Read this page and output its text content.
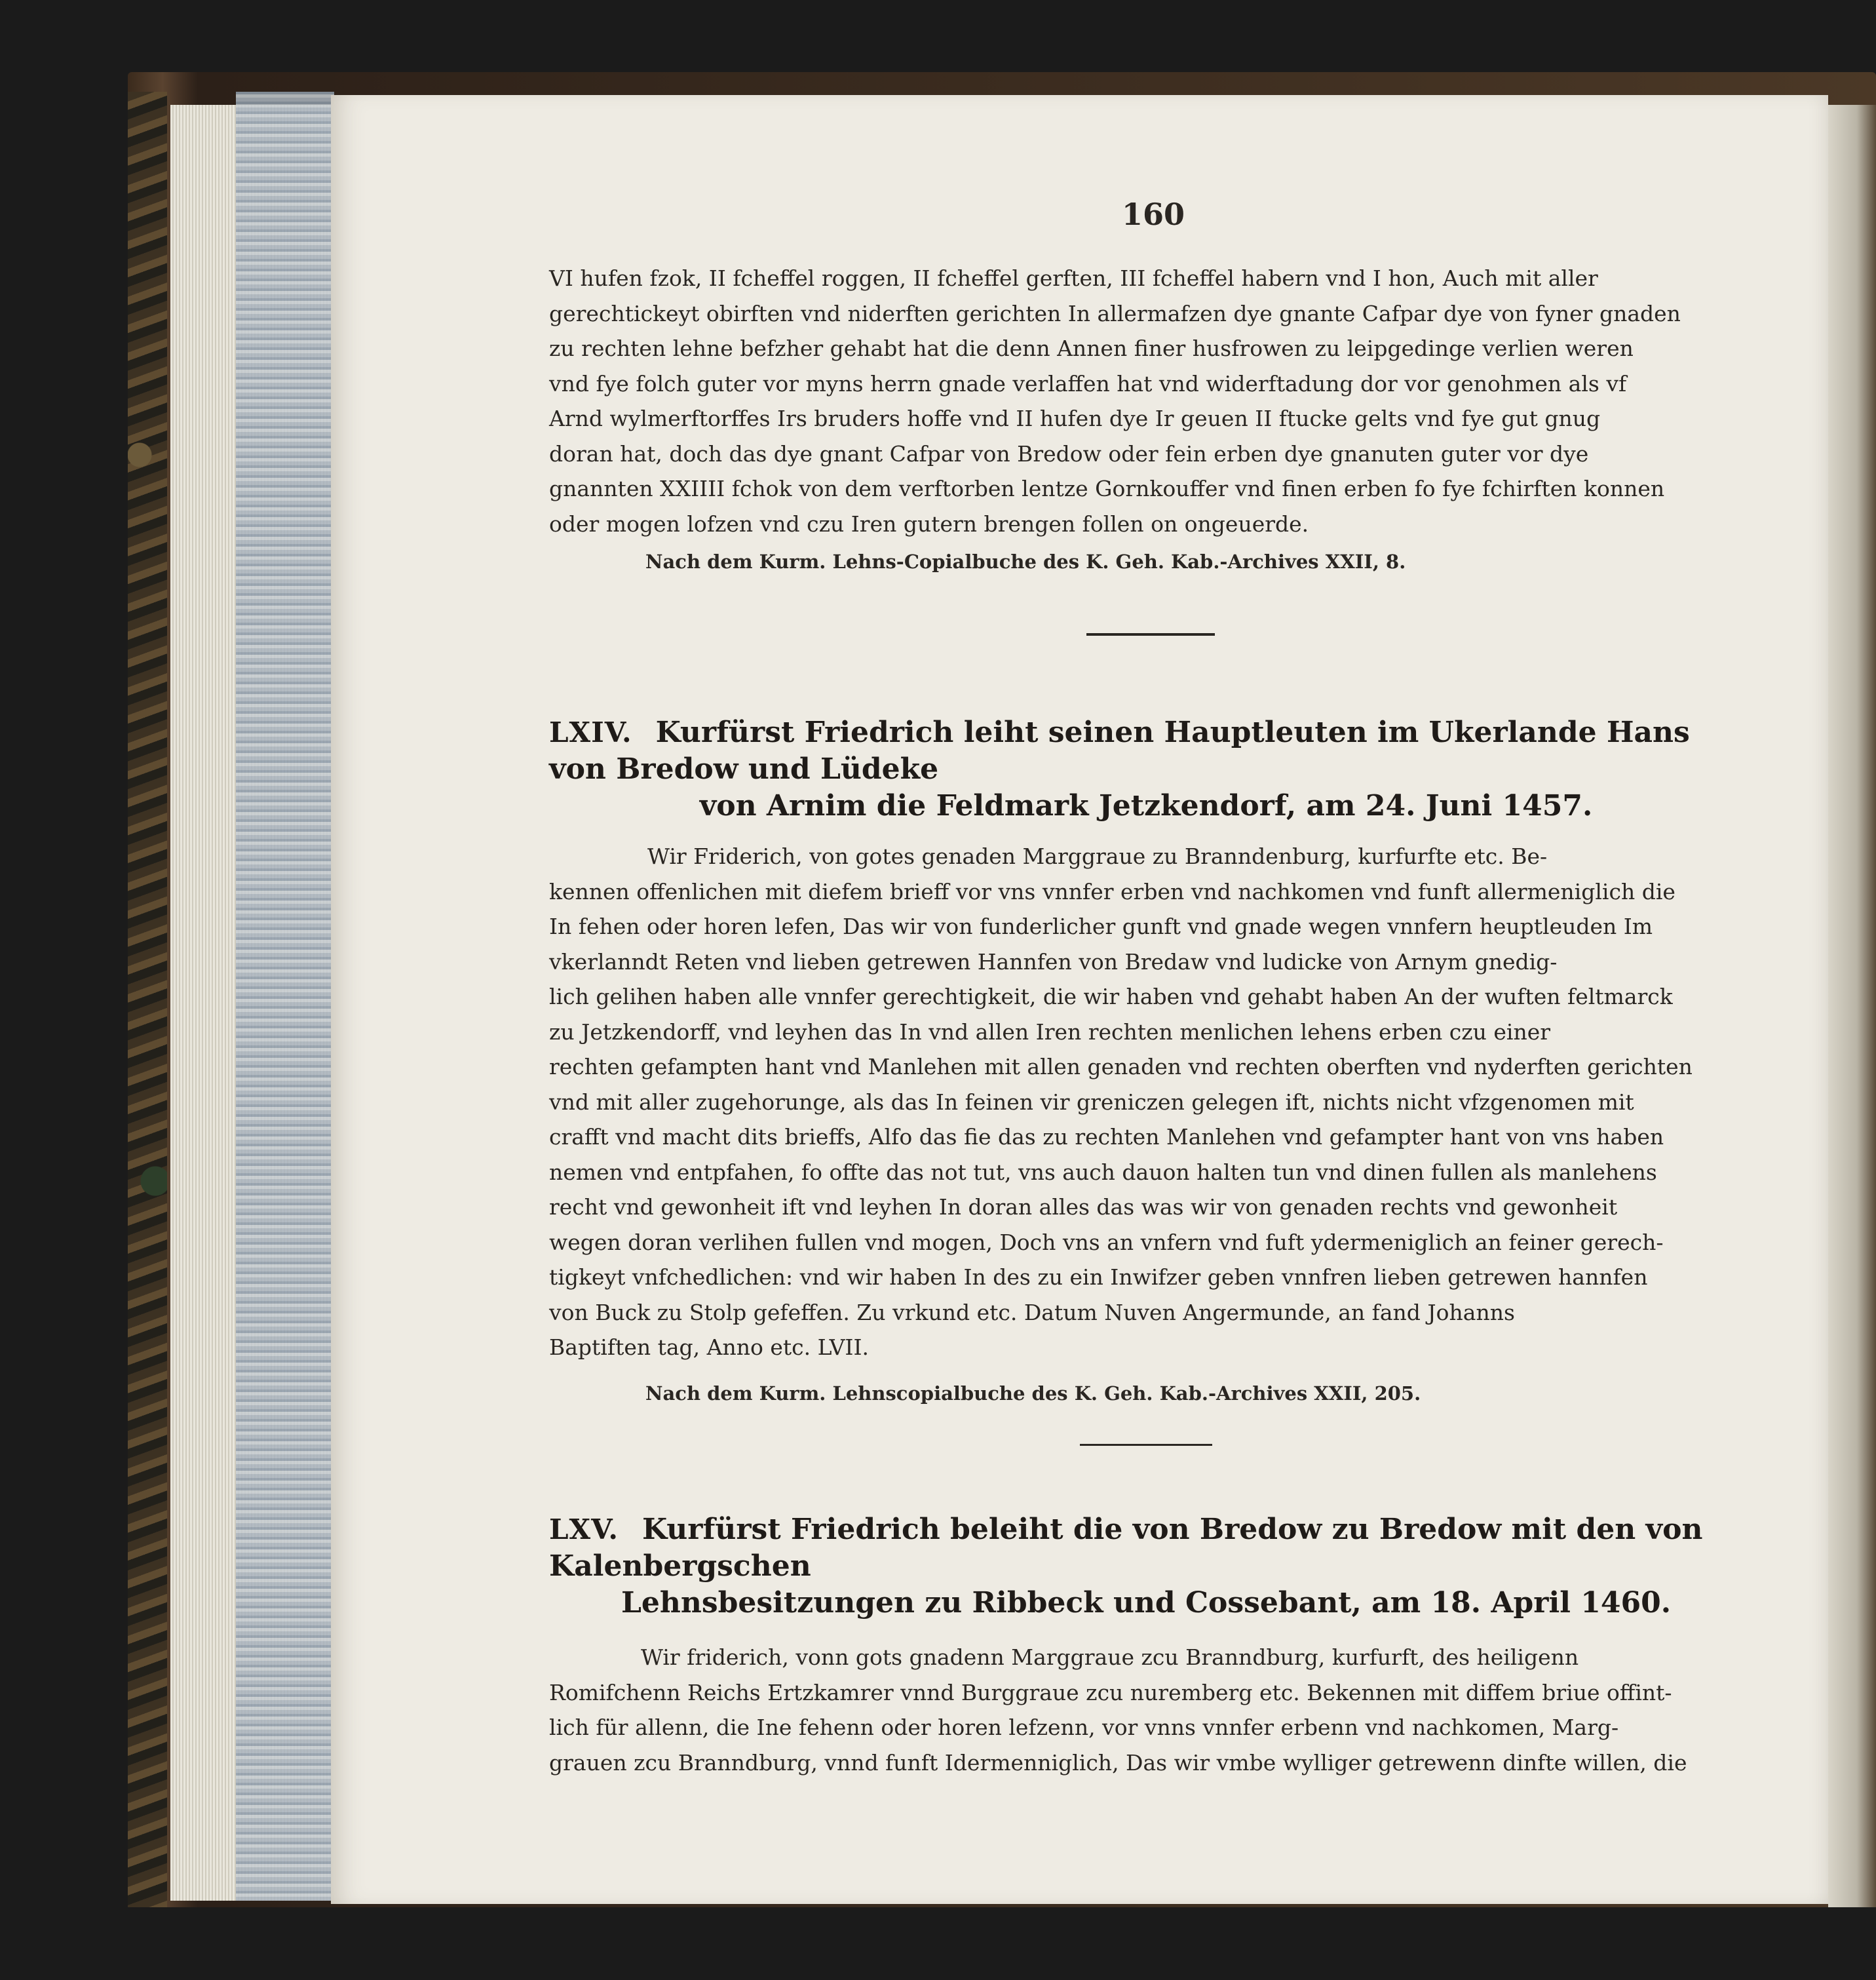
160

VI hufen fzok, II fcheffel roggen, II fcheffel gerften, III fcheffel habern vnd I hon, Auch mit aller
gerechtickeyt obirften vnd niderften gerichten In allermafzen dye gnante Cafpar dye von fyner gnaden
zu rechten lehne befzher gehabt hat die denn Annen finer husfrowen zu leipgedinge verlien weren
vnd fye folch guter vor myns herrn gnade verlaffen hat vnd widerftadung dor vor genohmen als vf
Arnd wylmerftorffes Irs bruders hoffe vnd II hufen dye Ir geuen II ftucke gelts vnd fye gut gnug
doran hat, doch das dye gnant Cafpar von Bredow oder fein erben dye gnanuten guter vor dye
gnannten XXIIII fchok von dem verftorben lentze Gornkouffer vnd finen erben fo fye fchirften konnen
oder mogen lofzen vnd czu Iren gutern brengen follen on ongeuerde.

Nach dem Kurm. Lehns-Copialbuche des K. Geh. Kab.-Archives XXII, 8.

LXIV. Kurfürst Friedrich leiht seinen Hauptleuten im Ukerlande Hans von Bredow und Lüdeke
von Arnim die Feldmark Jetzkendorf, am 24. Juni 1457.

Wir Friderich, von gotes genaden Marggraue zu Branndenburg, kurfurfte etc. Be-
kennen offenlichen mit diefem brieff vor vns vnnfer erben vnd nachkomen vnd funft allermeniglich die
In fehen oder horen lefen, Das wir von funderlicher gunft vnd gnade wegen vnnfern heuptleuden Im
vkerlanndt Reten vnd lieben getrewen Hannfen von Bredaw vnd ludicke von Arnym gnedig-
lich gelihen haben alle vnnfer gerechtigkeit, die wir haben vnd gehabt haben An der wuften feltmarck
zu Jetzkendorff, vnd leyhen das In vnd allen Iren rechten menlichen lehens erben czu einer
rechten gefampten hant vnd Manlehen mit allen genaden vnd rechten oberften vnd nyderften gerichten
vnd mit aller zugehorunge, als das In feinen vir greniczen gelegen ift, nichts nicht vfzgenomen mit
crafft vnd macht dits brieffs, Alfo das fie das zu rechten Manlehen vnd gefampter hant von vns haben
nemen vnd entpfahen, fo offte das not tut, vns auch dauon halten tun vnd dinen fullen als manlehens
recht vnd gewonheit ift vnd leyhen In doran alles das was wir von genaden rechts vnd gewonheit
wegen doran verlihen fullen vnd mogen, Doch vns an vnfern vnd fuft ydermeniglich an feiner gerech-
tigkeyt vnfchedlichen: vnd wir haben In des zu ein Inwifzer geben vnnfren lieben getrewen hannfen
von Buck zu Stolp gefeffen. Zu vrkund etc. Datum Nuven Angermunde, an fand Johanns
Baptiften tag, Anno etc. LVII.

Nach dem Kurm. Lehnscopialbuche des K. Geh. Kab.-Archives XXII, 205.

LXV. Kurfürst Friedrich beleiht die von Bredow zu Bredow mit den von Kalenbergschen
Lehnsbesitzungen zu Ribbeck und Cossebant, am 18. April 1460.

Wir friderich, vonn gots gnadenn Marggraue zcu Branndburg, kurfurft, des heiligenn
Romifchenn Reichs Ertzkamrer vnnd Burggraue zcu nuremberg etc. Bekennen mit diffem briue offint-
lich für allenn, die Ine fehenn oder horen lefzenn, vor vnns vnnfer erbenn vnd nachkomen, Marg-
grauen zcu Branndburg, vnnd funft Idermenniglich, Das wir vmbe wylliger getrewenn dinfte willen, die
